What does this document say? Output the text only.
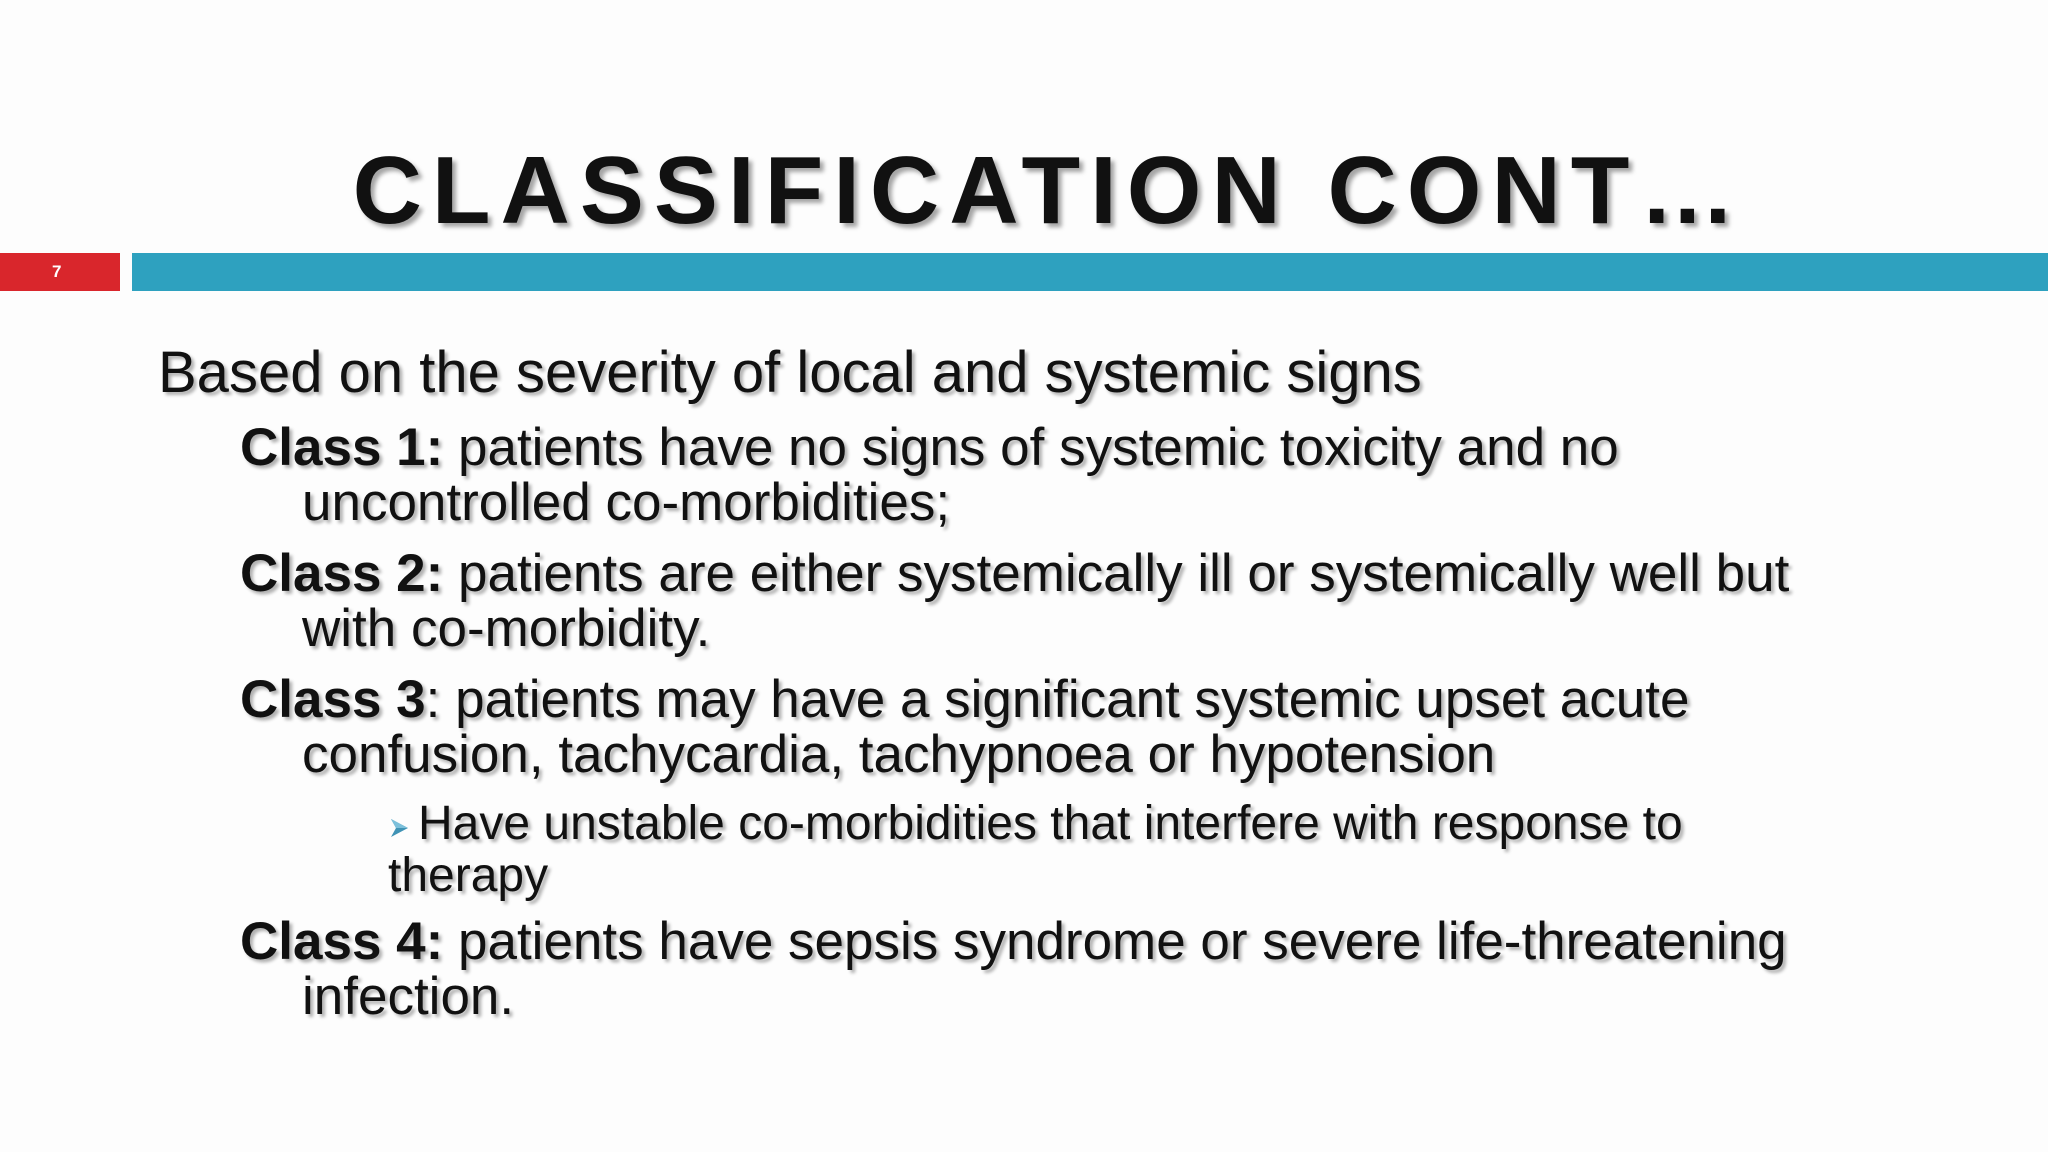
CLASSIFICATION CONT…
7
Based on the severity of local and systemic signs
Class 1: patients have no signs of systemic toxicity and no
uncontrolled co-morbidities;
Class 2: patients are either systemically ill or systemically well but
with co-morbidity.
Class 3: patients may have a significant systemic upset acute
confusion, tachycardia, tachypnoea or hypotension
Have unstable co-morbidities that interfere with response to
therapy
Class 4: patients have sepsis syndrome or severe life-threatening
infection.
